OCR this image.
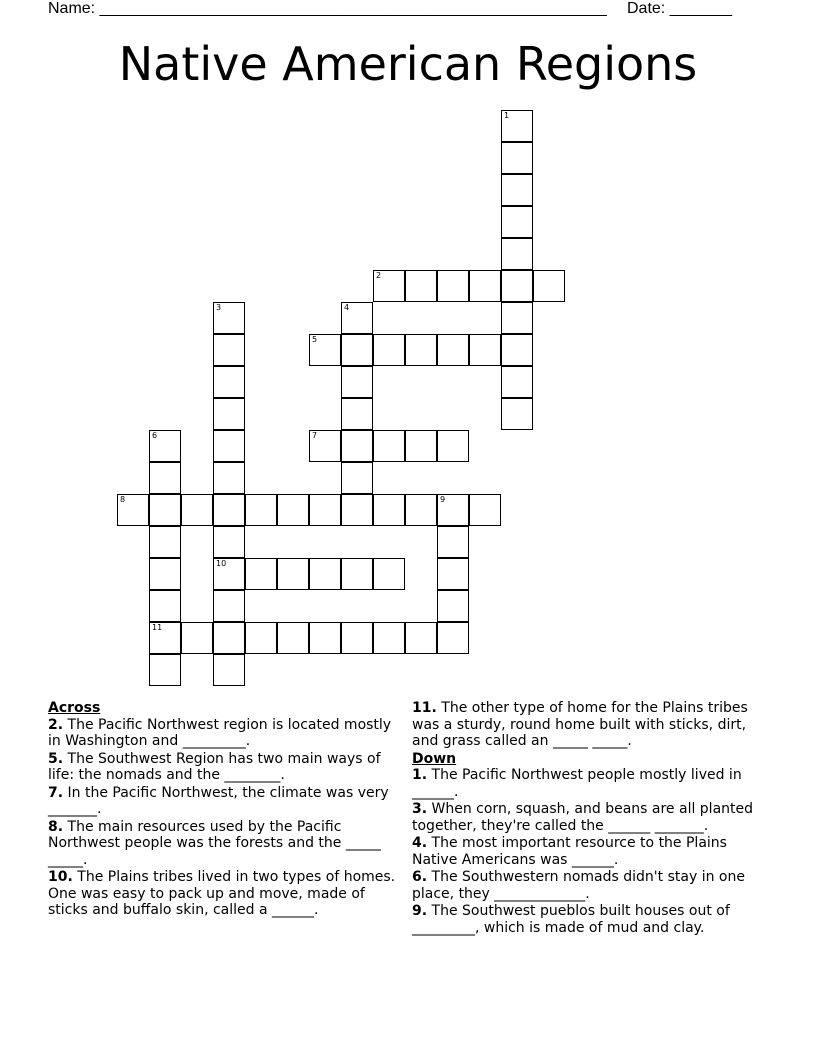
Name: _________________________________________________________ Date: _______
Native American Regions
1
2
3	4
5
6	7
8	9
10
11
Across
2. The Pacific Northwest region is located mostly in Washington and _________.
5. The Southwest Region has two main ways of life: the nomads and the ________.
7. In the Pacific Northwest, the climate was very _______.
8. The main resources used by the Pacific Northwest people was the forests and the _____ _____.
10. The Plains tribes lived in two types of homes. One was easy to pack up and move, made of sticks and buffalo skin, called a ______.
11. The other type of home for the Plains tribes was a sturdy, round home built with sticks, dirt, and grass called an _____ _____.
Down
1. The Pacific Northwest people mostly lived in ______.
3. When corn, squash, and beans are all planted together, they're called the ______ _______.
4. The most important resource to the Plains Native Americans was ______.
6. The Southwestern nomads didn't stay in one place, they _____________.
9. The Southwest pueblos built houses out of _________, which is made of mud and clay.
